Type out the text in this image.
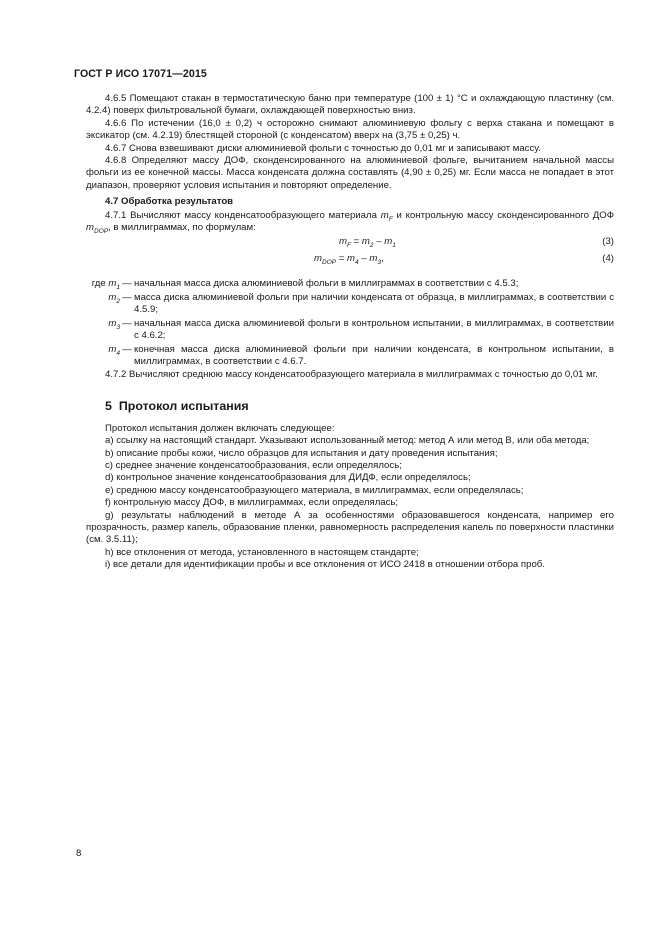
ГОСТ Р ИСО 17071—2015

4.6.5 Помещают стакан в термостатическую баню при температуре (100 ± 1) °С и охлаждающую пластинку (см. 4.2.4) поверх фильтровальной бумаги, охлаждающей поверхностью вниз.

4.6.6 По истечении (16,0 ± 0,2) ч осторожно снимают алюминиевую фольгу с верха стакана и помещают в эксикатор (см. 4.2.19) блестящей стороной (с конденсатом) вверх на (3,75 ± 0,25) ч.

4.6.7 Снова взвешивают диски алюминиевой фольги с точностью до 0,01 мг и записывают массу.

4.6.8 Определяют массу ДОФ, сконденсированного на алюминиевой фольге, вычитанием начальной массы фольги из ее конечной массы. Масса конденсата должна составлять (4,90 ± 0,25) мг. Если масса не попадает в этот диапазон, проверяют условия испытания и повторяют определение.

4.7 Обработка результатов

4.7.1 Вычисляют массу конденсатообразующего материала $m_F$ и контрольную массу сконденсированного ДОФ $m_{DOP}$, в миллиграммах, по формулам:

$m_F = m_2 - m_1$	(3)
$m_{DOP} = m_4 - m_3$,	(4)
где $m_1$ — начальная масса диска алюминиевой фольги в миллиграммах в соответствии с 4.5.3;
$m_2$ — масса диска алюминиевой фольги при наличии конденсата от образца, в миллиграммах, в соответствии с 4.5.9;
$m_3$ — начальная масса диска алюминиевой фольги в контрольном испытании, в миллиграммах, в соответствии с 4.6.2;
$m_4$ — конечная масса диска алюминиевой фольги при наличии конденсата, в контрольном испытании, в миллиграммах, в соответствии с 4.6.7.

4.7.2 Вычисляют среднюю массу конденсатообразующего материала в миллиграммах с точностью до 0,01 мг.

5 Протокол испытания

Протокол испытания должен включать следующее:

a) ссылку на настоящий стандарт. Указывают использованный метод: метод А или метод В, или оба метода;

b) описание пробы кожи, число образцов для испытания и дату проведения испытания;

c) среднее значение конденсатообразования, если определялось;

d) контрольное значение конденсатообразования для ДИДФ, если определялось;

e) среднюю массу конденсатообразующего материала, в миллиграммах, если определялась;

f) контрольную массу ДОФ, в миллиграммах, если определялась;

g) результаты наблюдений в методе А за особенностями образовавшегося конденсата, например его прозрачность, размер капель, образование пленки, равномерность распределения капель по поверхности пластинки (см. 3.5.11);

h) все отклонения от метода, установленного в настоящем стандарте;

i) все детали для идентификации пробы и все отклонения от ИСО 2418 в отношении отбора проб.

8
